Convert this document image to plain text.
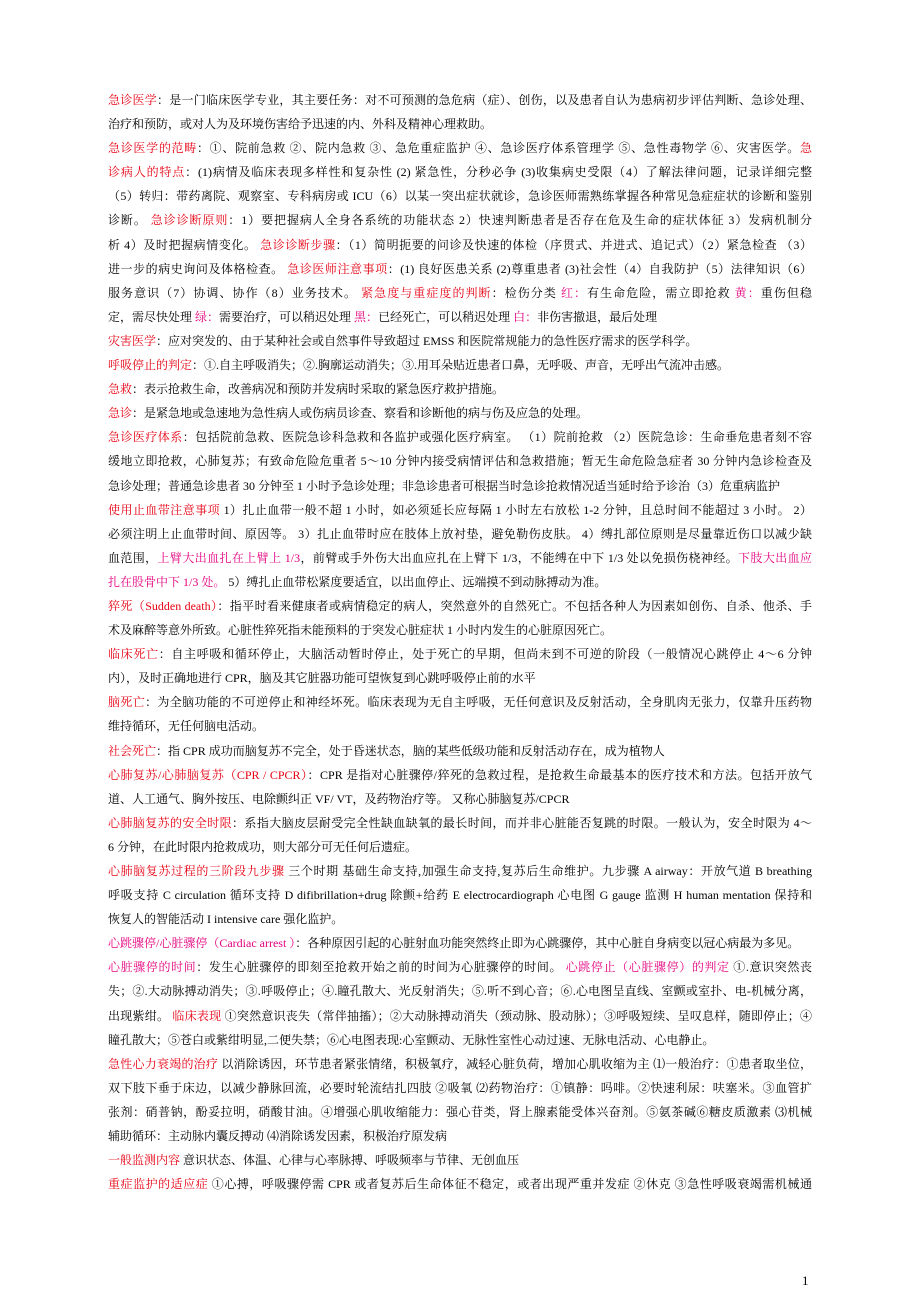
急诊医学：是一门临床医学专业，其主要任务：对不可预测的急危病（症）、创伤，以及患者自认为患病初步评估判断、急诊处理、
治疗和预防，或对人为及环境伤害给予迅速的内、外科及精神心理救助。
急诊医学的范畴：①、院前急救 ②、院内急救 ③、急危重症监护 ④、急诊医疗体系管理学 ⑤、急性毒物学 ⑥、灾害医学。急
诊病人的特点：(1)病情及临床表现多样性和复杂性 (2) 紧急性，分秒必争 (3)收集病史受限（4）了解法律问题，记录详细完整
（5）转归：带药离院、观察室、专科病房或 ICU（6）以某一突出症状就诊，急诊医师需熟练掌握各种常见急症症状的诊断和鉴别
诊断。 急诊诊断原则：1）要把握病人全身各系统的功能状态 2）快速判断患者是否存在危及生命的症状体征 3）发病机制分
析 4）及时把握病情变化。 急诊诊断步骤：（1）简明扼要的问诊及快速的体检（序贯式、并进式、追记式）（2）紧急检查 （3）
进一步的病史询问及体格检查。 急诊医师注意事项：(1) 良好医患关系 (2)尊重患者 (3)社会性（4）自我防护（5）法律知识（6）
服务意识（7）协调、协作（8）业务技术。 紧急度与重症度的判断：检伤分类 红：有生命危险，需立即抢救 黄：重伤但稳
定，需尽快处理 绿：需要治疗，可以稍迟处理 黑：已经死亡，可以稍迟处理 白：非伤害撤退，最后处理
灾害医学：应对突发的、由于某种社会或自然事件导致超过 EMSS 和医院常规能力的急性医疗需求的医学科学。
呼吸停止的判定：①.自主呼吸消失；②.胸廓运动消失；③.用耳朵贴近患者口鼻，无呼吸、声音，无呼出气流冲击感。
急救：表示抢救生命，改善病况和预防并发病时采取的紧急医疗救护措施。
急诊：是紧急地或急速地为急性病人或伤病员诊查、察看和诊断他的病与伤及应急的处理。
急诊医疗体系：包括院前急救、医院急诊科急救和各监护或强化医疗病室。 （1）院前抢救 （2）医院急诊：生命垂危患者刻不容
缓地立即抢救，心肺复苏；有致命危险危重者 5～10 分钟内接受病情评估和急救措施；暂无生命危险急症者 30 分钟内急诊检查及
急诊处理；普通急诊患者 30 分钟至 1 小时予急诊处理；非急诊患者可根据当时急诊抢救情况适当延时给予诊治（3）危重病监护
使用止血带注意事项 1）扎止血带一般不超 1 小时，如必须延长应每隔 1 小时左右放松 1-2 分钟，且总时间不能超过 3 小时。 2）
必须注明上止血带时间、原因等。 3）扎止血带时应在肢体上放衬垫，避免勒伤皮肤。 4）缚扎部位原则是尽量靠近伤口以减少缺
血范围，上臂大出血扎在上臂上 1/3，前臂或手外伤大出血应扎在上臂下 1/3，不能缚在中下 1/3 处以免损伤桡神经。下肢大出血应
扎在股骨中下 1/3 处。 5）缚扎止血带松紧度要适宜，以出血停止、远端摸不到动脉搏动为准。
猝死（Sudden death）：指平时看来健康者或病情稳定的病人，突然意外的自然死亡。不包括各种人为因素如创伤、自杀、他杀、手
术及麻醉等意外所致。心脏性猝死指未能预料的于突发心脏症状 1 小时内发生的心脏原因死亡。
临床死亡：自主呼吸和循环停止，大脑活动暂时停止，处于死亡的早期，但尚未到不可逆的阶段（一般情况心跳停止 4～6 分钟
内），及时正确地进行 CPR，脑及其它脏器功能可望恢复到心跳呼吸停止前的水平
脑死亡：为全脑功能的不可逆停止和神经坏死。临床表现为无自主呼吸，无任何意识及反射活动，全身肌肉无张力，仅靠升压药物
维持循环，无任何脑电活动。
社会死亡：指 CPR 成功而脑复苏不完全，处于昏迷状态，脑的某些低级功能和反射活动存在，成为植物人
心肺复苏/心肺脑复苏（CPR / CPCR）：CPR 是指对心脏骤停/猝死的急救过程，是抢救生命最基本的医疗技术和方法。包括开放气
道、人工通气、胸外按压、电除颤纠正 VF/ VT，及药物治疗等。 又称心肺脑复苏/CPCR
心肺脑复苏的安全时限：系指大脑皮层耐受完全性缺血缺氧的最长时间，而并非心脏能否复跳的时限。一般认为，安全时限为 4～
6 分钟，在此时限内抢救成功，则大部分可无任何后遗症。
心肺脑复苏过程的三阶段九步骤 三个时期 基础生命支持,加强生命支持,复苏后生命维护。九步骤 A airway：开放气道 B breathing
呼吸支持 C circulation 循环支持 D difibrillation+drug 除颤+给药 E electrocardiograph 心电图 G gauge 监测 H human mentation 保持和
恢复人的智能活动 I intensive care 强化监护。
心跳骤停/心脏骤停（Cardiac arrest ）：各种原因引起的心脏射血功能突然终止即为心跳骤停，其中心脏自身病变以冠心病最为多见。
心脏骤停的时间：发生心脏骤停的即刻至抢救开始之前的时间为心脏骤停的时间。 心跳停止（心脏骤停）的判定 ①.意识突然丧
失；②.大动脉搏动消失；③.呼吸停止；④.瞳孔散大、光反射消失；⑤.听不到心音；⑥.心电图呈直线、室颤或室扑、电-机械分离，
出现紫绀。 临床表现 ①突然意识丧失（常伴抽搐）；②大动脉搏动消失（颈动脉、股动脉）；③呼吸短续、呈叹息样，随即停止；④
瞳孔散大；⑤苍白或紫绀明显,二便失禁；⑥心电图表现:心室颤动、无脉性室性心动过速、无脉电活动、心电静止。
急性心力衰竭的治疗 以消除诱因，环节患者紧张情绪，积极氧疗，减轻心脏负荷，增加心肌收缩为主 ⑴一般治疗：①患者取坐位，
双下肢下垂于床边，以减少静脉回流，必要时轮流结扎四肢 ②吸氧 ⑵药物治疗：①镇静：吗啡。②快速利尿：呋塞米。③血管扩
张剂：硝普钠，酚妥拉明，硝酸甘油。④增强心肌收缩能力：强心苷类，肾上腺素能受体兴奋剂。⑤氨茶碱⑥糖皮质激素 ⑶机械
辅助循环：主动脉内囊反搏动 ⑷消除诱发因素，积极治疗原发病
一般监测内容 意识状态、体温、心律与心率脉搏、呼吸频率与节律、无创血压
重症监护的适应症 ①心搏，呼吸骤停需 CPR 或者复苏后生命体征不稳定，或者出现严重并发症 ②休克 ③急性呼吸衰竭需机械通
1
